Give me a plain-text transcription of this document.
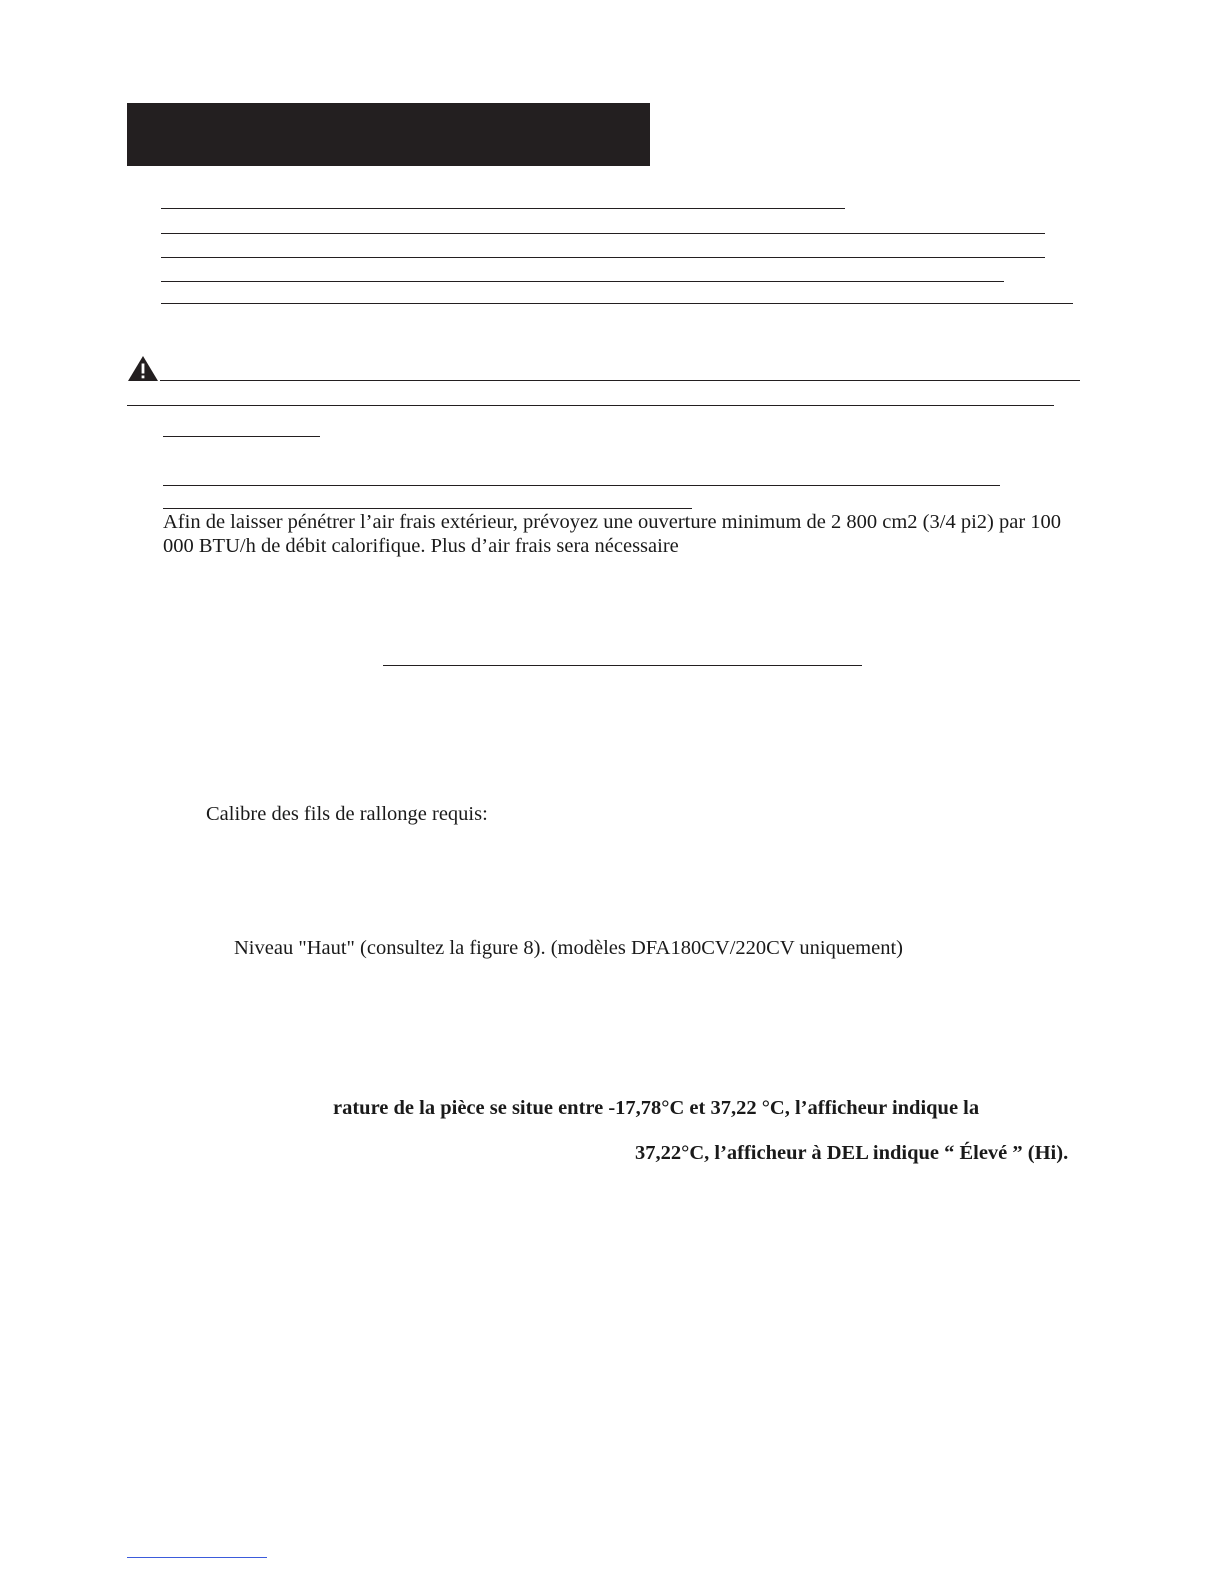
Afin de laisser pénétrer l’air frais extérieur, prévoyez une ouverture minimum de 2 800 cm2 (3/4 pi2) par 100
000 BTU/h de débit calorifique. Plus d’air frais sera nécessaire
Calibre des fils de rallonge requis:
Niveau "Haut" (consultez la figure 8). (modèles DFA180CV/220CV uniquement)
rature de la pièce se situe entre -17,78°C et 37,22 °C, l’afficheur indique la
37,22°C, l’afficheur à DEL indique “ Élevé ” (Hi).
